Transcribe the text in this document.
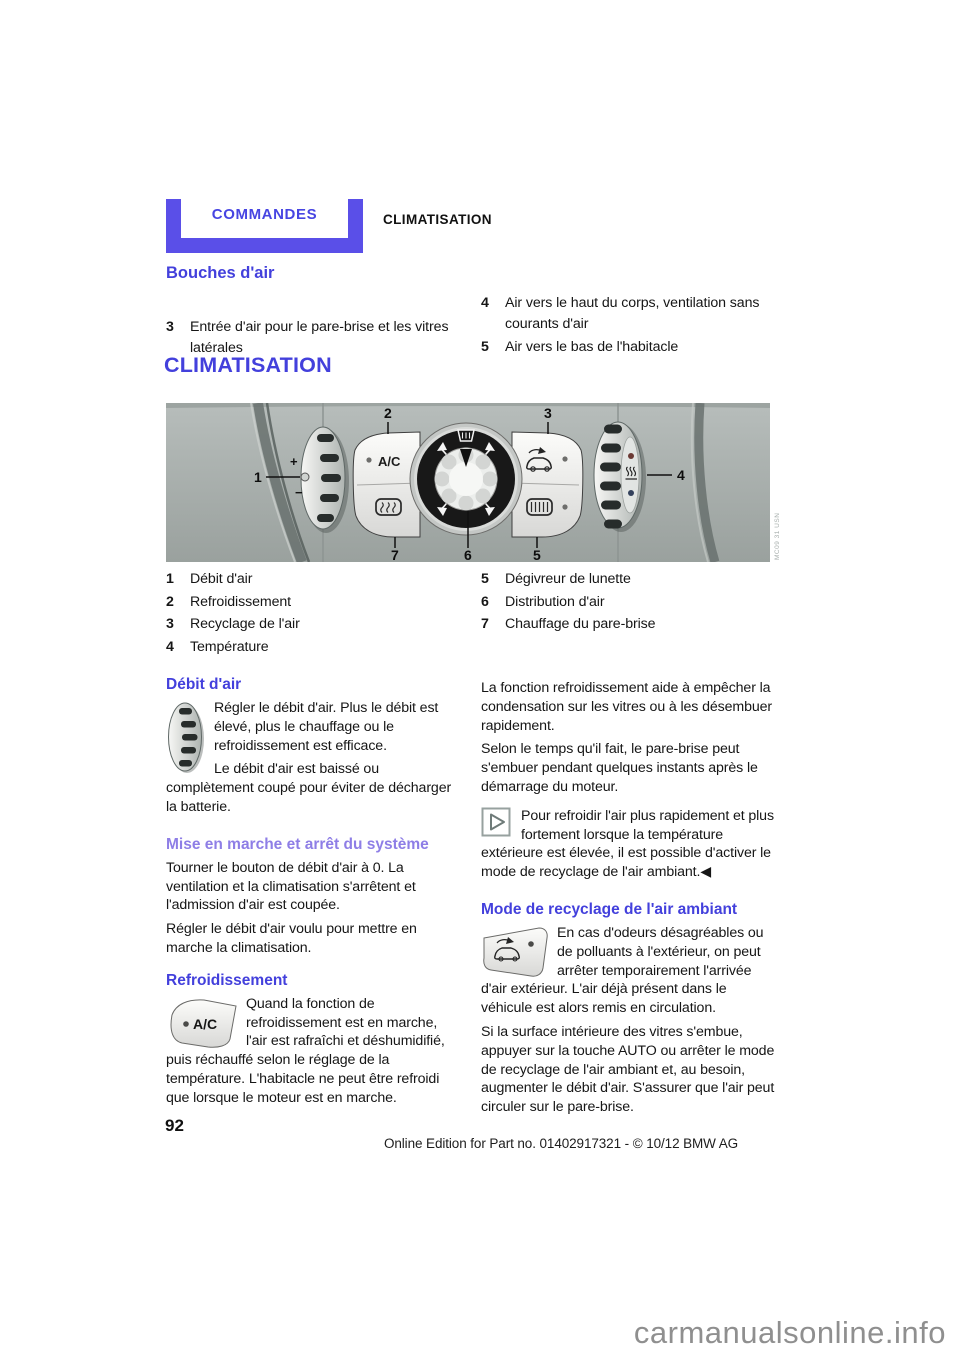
COMMANDES	CLIMATISATION
Bouches d'air
3	Entrée d'air pour le pare-brise et les vitres latérales
4	Air vers le haut du corps, ventilation sans courants d'air
5	Air vers le bas de l'habitacle
CLIMATISATION
+
−
A/C
1
2	3
4
5
6
7	MC09 31 USN
1	Débit d'air
2	Refroidissement
3	Recyclage de l'air
4	Température
5	Dégivreur de lunette
6	Distribution d'air
7	Chauffage du pare-brise
Débit d'air

Régler le débit d'air. Plus le débit est élevé, plus le chauffage ou le refroidissement est efficace.

Le débit d'air est baissé ou complètement coupé pour éviter de décharger la batterie.

Mise en marche et arrêt du système

Tourner le bouton de débit d'air à 0. La ventilation et la climatisation s'arrêtent et l'admission d'air est coupée.

Régler le débit d'air voulu pour mettre en marche la climatisation.

Refroidissement
A/C

Quand la fonction de refroidissement est en marche, l'air est rafraîchi et déshumidifié, puis réchauffé selon le réglage de la température. L'habitacle ne peut être refroidi que lorsque le moteur est en marche.

La fonction refroidissement aide à empêcher la condensation sur les vitres ou à les désembuer rapidement.

Selon le temps qu'il fait, le pare-brise peut s'embuer pendant quelques instants après le démarrage du moteur.

Pour refroidir l'air plus rapidement et plus fortement lorsque la température extérieure est élevée, il est possible d'activer le mode de recyclage de l'air ambiant.◀

Mode de recyclage de l'air ambiant

En cas d'odeurs désagréables ou de polluants à l'extérieur, on peut arrêter temporairement l'arrivée d'air extérieur. L'air déjà présent dans le véhicule est alors remis en circulation.

Si la surface intérieure des vitres s'embue, appuyer sur la touche AUTO ou arrêter le mode de recyclage de l'air ambiant et, au besoin, augmenter le débit d'air. S'assurer que l'air peut circuler sur le pare-brise.

92
Online Edition for Part no. 01402917321 - © 10/12 BMW AG
carmanualsonline.info
